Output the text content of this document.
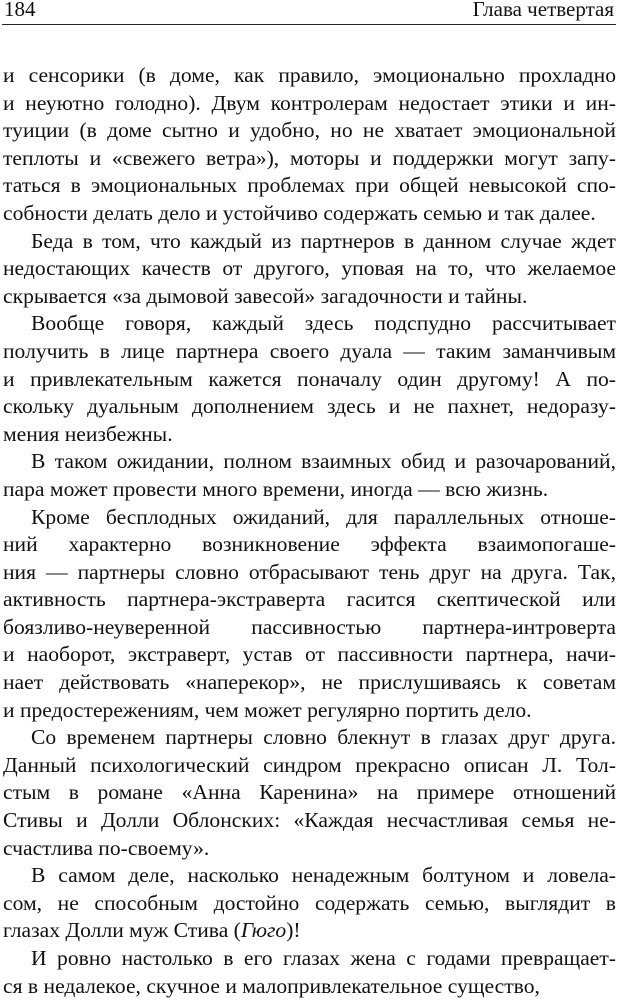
184	Глава четвертая

и сенсорики (в доме, как правило, эмоционально прохладно
и неуютно голодно). Двум контролерам недостает этики и ин-
туиции (в доме сытно и удобно, но не хватает эмоциональной
теплоты и «свежего ветра»), моторы и поддержки могут запу-
таться в эмоциональных проблемах при общей невысокой спо-
собности делать дело и устойчиво содержать семью и так далее.

Беда в том, что каждый из партнеров в данном случае ждет
недостающих качеств от другого, уповая на то, что желаемое
скрывается «за дымовой завесой» загадочности и тайны.

Вообще говоря, каждый здесь подспудно рассчитывает
получить в лице партнера своего дуала — таким заманчивым
и привлекательным кажется поначалу один другому! А по-
скольку дуальным дополнением здесь и не пахнет, недоразу-
мения неизбежны.

В таком ожидании, полном взаимных обид и разочарований,
пара может провести много времени, иногда — всю жизнь.

Кроме бесплодных ожиданий, для параллельных отноше-
ний характерно возникновение эффекта взаимопогаше-
ния — партнеры словно отбрасывают тень друг на друга. Так,
активность партнера-экстраверта гасится скептической или
боязливо-неуверенной пассивностью партнера-интроверта
и наоборот, экстраверт, устав от пассивности партнера, начи-
нает действовать «наперекор», не прислушиваясь к советам
и предостережениям, чем может регулярно портить дело.

Со временем партнеры словно блекнут в глазах друг друга.
Данный психологический синдром прекрасно описан Л. Тол-
стым в романе «Анна Каренина» на примере отношений
Стивы и Долли Облонских: «Каждая несчастливая семья не-
счастлива по-своему».

В самом деле, насколько ненадежным болтуном и ловела-
сом, не способным достойно содержать семью, выглядит в
глазах Долли муж Стива (Гюго)!

И ровно настолько в его глазах жена с годами превращает-
ся в недалекое, скучное и малопривлекательное существо,
